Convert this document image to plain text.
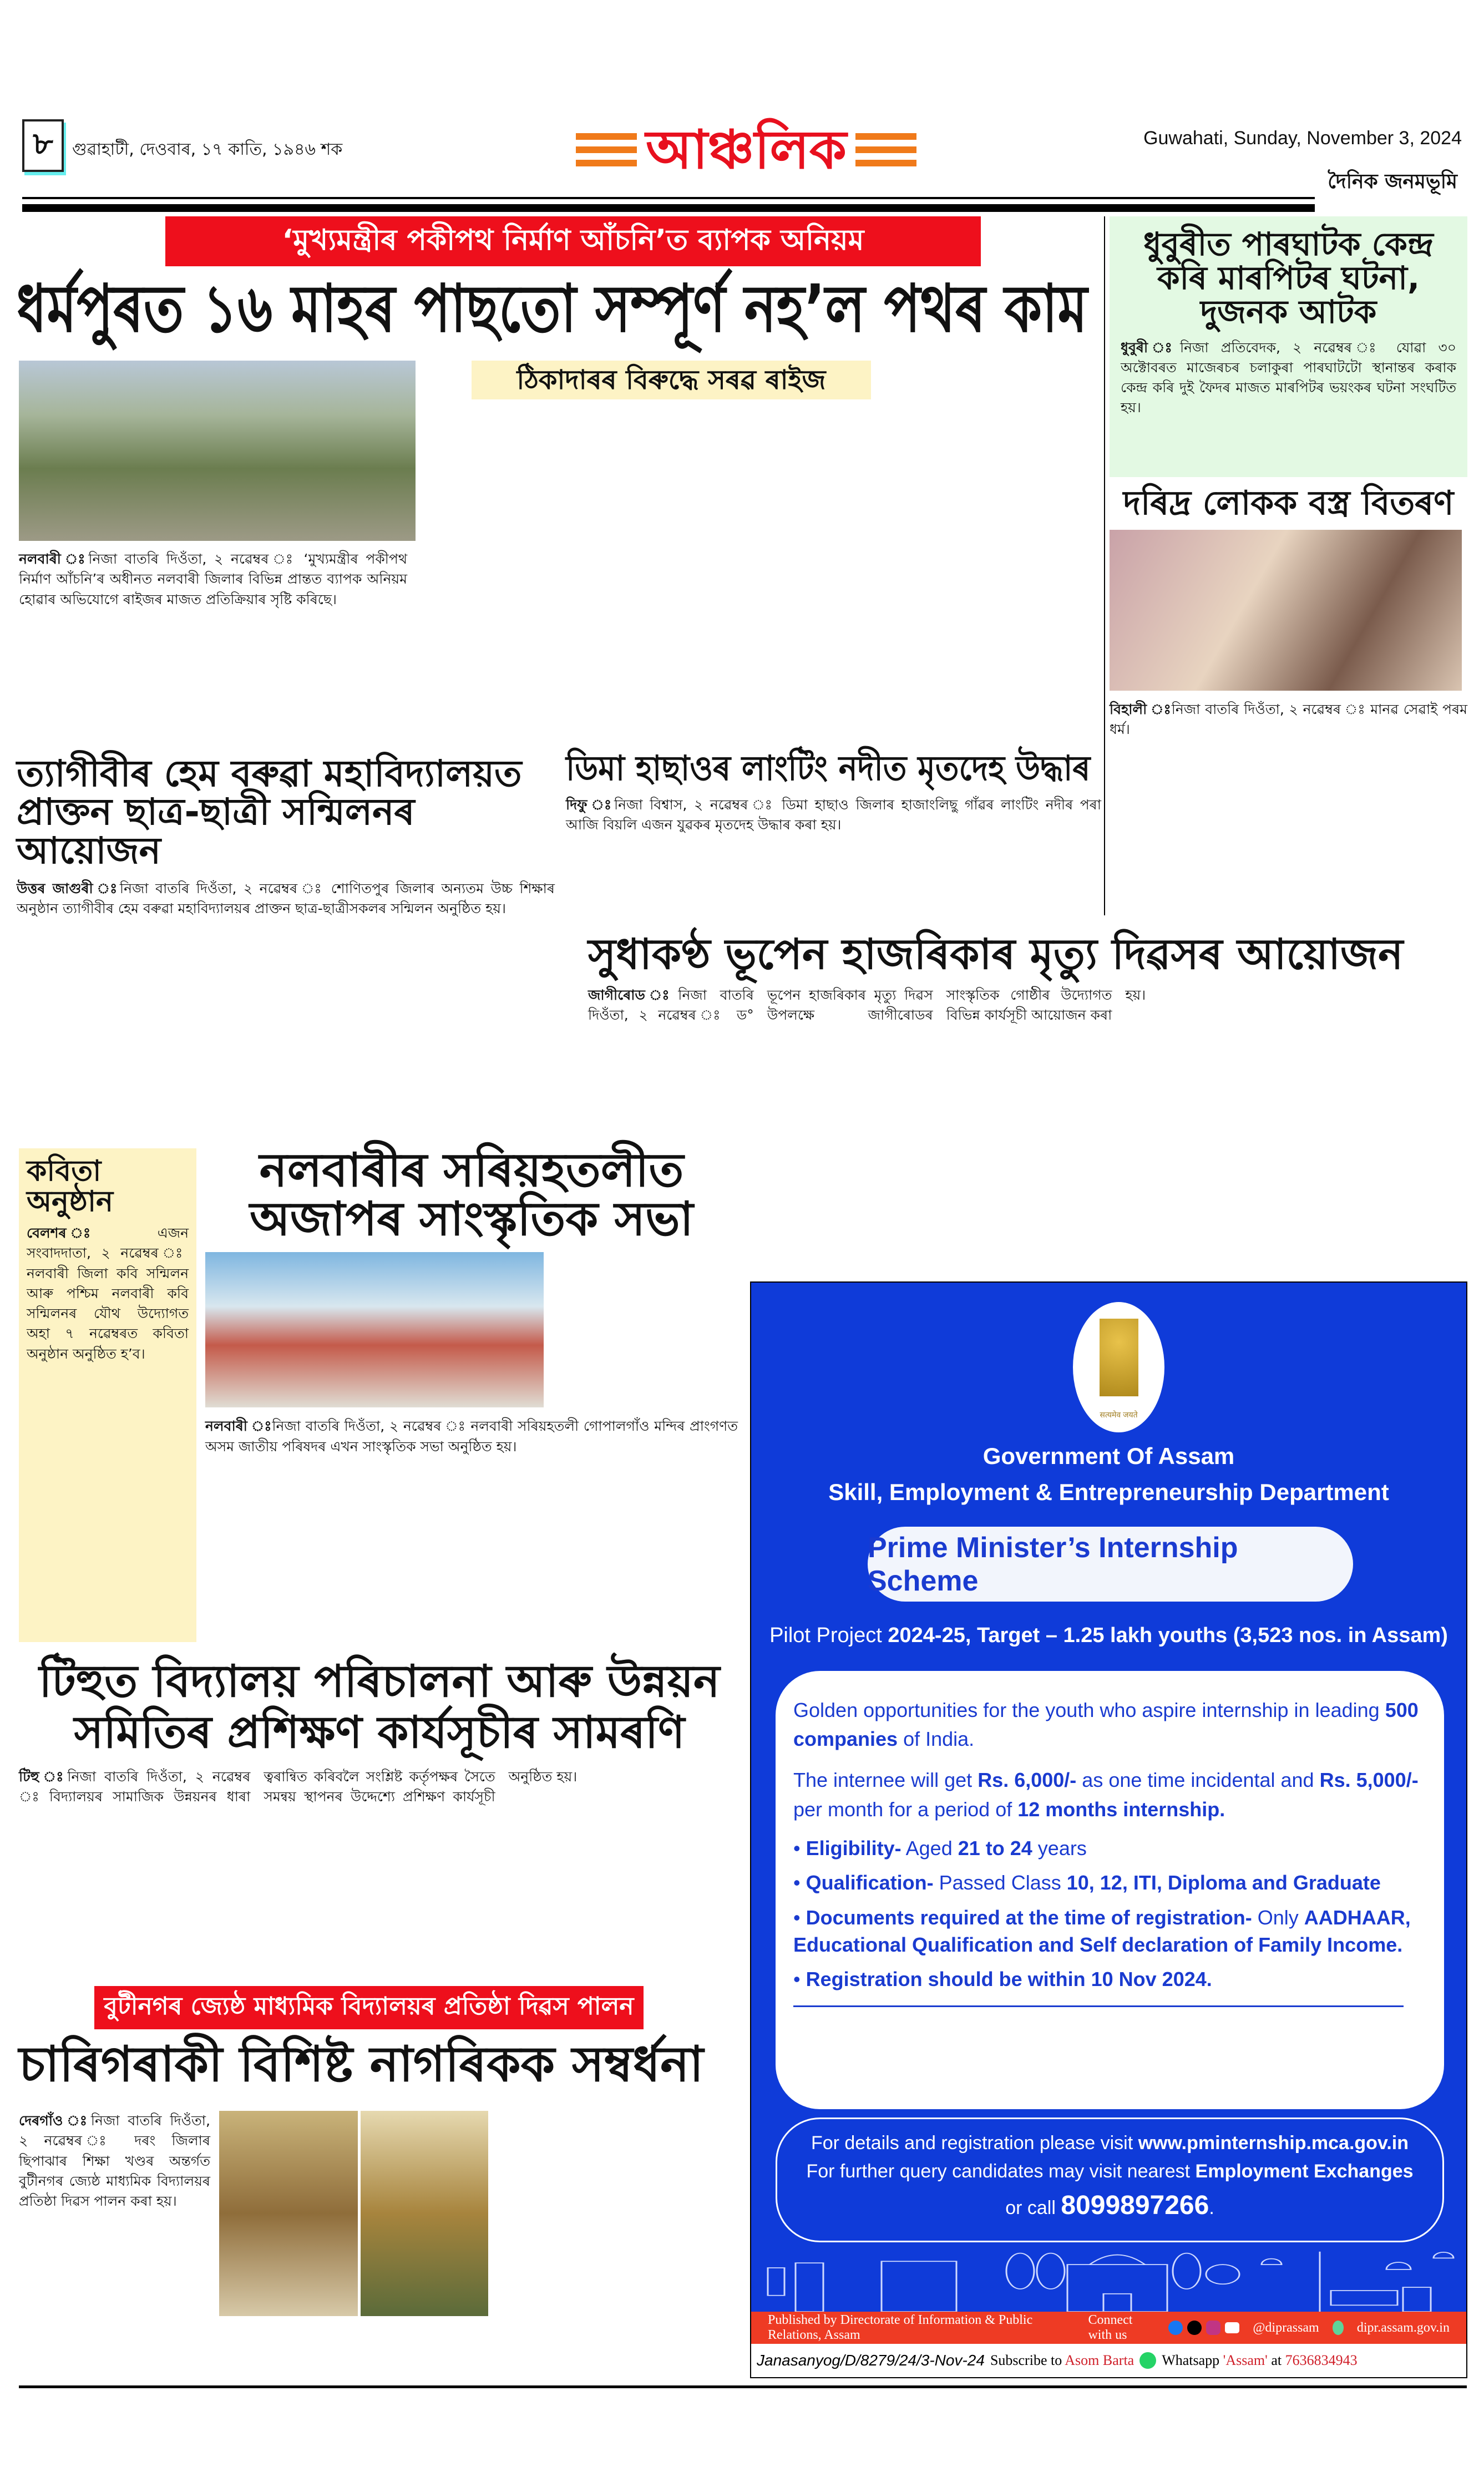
৮	গুৱাহাটী, দেওবাৰ, ১৭ কাতি, ১৯৪৬ শক	আঞ্চলিক	Guwahati, Sunday, November 3, 2024
দৈনিক জনমভূমি
‘মুখ্যমন্ত্ৰীৰ পকীপথ নিৰ্মাণ আঁচনি’ত ব্যাপক অনিয়ম
ধৰ্মপুৰত ১৬ মাহৰ পাছতো সম্পূৰ্ণ নহ’ল পথৰ কাম
ঠিকাদাৰৰ বিৰুদ্ধে সৰৱ ৰাইজ
নলবাৰী ঃনিজা বাতৰি দিওঁতা, ২ নৱেম্বৰ ঃ ‘মুখ্যমন্ত্ৰীৰ পকীপথ নিৰ্মাণ আঁচনি’ৰ অধীনত নলবাৰী জিলাৰ বিভিন্ন প্ৰান্তত ব্যাপক অনিয়ম হোৱাৰ অভিযোগে ৰাইজৰ মাজত প্ৰতিক্ৰিয়াৰ সৃষ্টি কৰিছে।
ধুবুৰীত পাৰঘাটক কেন্দ্ৰ কৰি মাৰপিটৰ ঘটনা, দুজনক আটক
ধুবুৰী ঃনিজা প্ৰতিবেদক, ২ নৱেম্বৰ ঃ যোৱা ৩০ অক্টোবৰত মাজেৰচৰ চলাকুৰা পাৰঘাটটো স্থানান্তৰ কৰাক কেন্দ্ৰ কৰি দুই ফৈদৰ মাজত মাৰপিটৰ ভয়ংকৰ ঘটনা সংঘটিত হয়।
দৰিদ্ৰ লোকক বস্ত্ৰ বিতৰণ
বিহালী ঃনিজা বাতৰি দিওঁতা, ২ নৱেম্বৰ ঃ মানৱ সেৱাই পৰম ধৰ্ম।
ত্যাগীবীৰ হেম বৰুৱা মহাবিদ্যালয়ত প্ৰাক্তন ছাত্ৰ-ছাত্ৰী সন্মিলনৰ আয়োজন
উত্তৰ জাগুৰী ঃনিজা বাতৰি দিওঁতা, ২ নৱেম্বৰ ঃ শোণিতপুৰ জিলাৰ অন্যতম উচ্চ শিক্ষাৰ অনুষ্ঠান ত্যাগীবীৰ হেম বৰুৱা মহাবিদ্যালয়ৰ প্ৰাক্তন ছাত্ৰ-ছাত্ৰীসকলৰ সন্মিলন অনুষ্ঠিত হয়।
ডিমা হাছাওৰ লাংটিং নদীত মৃতদেহ উদ্ধাৰ
দিফু ঃনিজা বিশ্বাস, ২ নৱেম্বৰ ঃ ডিমা হাছাও জিলাৰ হাজাংলিছু গাঁৱৰ লাংটিং নদীৰ পৰা আজি বিয়লি এজন যুৱকৰ মৃতদেহ উদ্ধাৰ কৰা হয়।
সুধাকণ্ঠ ভূপেন হাজৰিকাৰ মৃত্যু দিৱসৰ আয়োজন
জাগীৰোড ঃনিজা বাতৰি দিওঁতা, ২ নৱেম্বৰ ঃ ড° ভূপেন হাজৰিকাৰ মৃত্যু দিৱস উপলক্ষে জাগীৰোডৰ সাংস্কৃতিক গোষ্ঠীৰ উদ্যোগত বিভিন্ন কাৰ্যসূচী আয়োজন কৰা হয়।
কবিতা অনুষ্ঠান
বেলশৰ ঃএজন সংবাদদাতা, ২ নৱেম্বৰ ঃ নলবাৰী জিলা কবি সন্মিলন আৰু পশ্চিম নলবাৰী কবি সন্মিলনৰ যৌথ উদ্যোগত অহা ৭ নৱেম্বৰত কবিতা অনুষ্ঠান অনুষ্ঠিত হ’ব।
নলবাৰীৰ সৰিয়হতলীত অজাপৰ সাংস্কৃতিক সভা
নলবাৰী ঃনিজা বাতৰি দিওঁতা, ২ নৱেম্বৰ ঃ নলবাৰী সৰিয়হতলী গোপালগাঁও মন্দিৰ প্ৰাংগণত অসম জাতীয় পৰিষদৰ এখন সাংস্কৃতিক সভা অনুষ্ঠিত হয়।
सत्यमेव जयते
Government Of Assam
Skill, Employment & Entrepreneurship Department
Prime Minister’s Internship Scheme
Pilot Project 2024-25, Target – 1.25 lakh youths (3,523 nos. in Assam)

Golden opportunities for the youth who aspire internship in leading 500 companies of India.

The internee will get Rs. 6,000/- as one time incidental and Rs. 5,000/- per month for a period of 12 months internship.

• Eligibility- Aged 21 to 24 years
• Qualification- Passed Class 10, 12, ITI, Diploma and Graduate
• Documents required at the time of registration- Only AADHAAR, Educational Qualification and Self declaration of Family Income.
• Registration should be within 10 Nov 2024.
For details and registration please visit www.pminternship.mca.gov.in
For further query candidates may visit nearest Employment Exchanges
or call 8099897266.
Published by Directorate of Information & Public Relations, Assam
Connect with us
@diprassam	dipr.assam.gov.in
Janasanyog/D/8279/24/3-Nov-24 Subscribe to Asom Barta Whatsapp 'Assam' at 7636834943
টিহুত বিদ্যালয় পৰিচালনা আৰু উন্নয়ন সমিতিৰ প্ৰশিক্ষণ কাৰ্যসূচীৰ সামৰণি
টিহু ঃনিজা বাতৰি দিওঁতা, ২ নৱেম্বৰ ঃ বিদ্যালয়ৰ সামাজিক উন্নয়নৰ ধাৰা ত্বৰান্বিত কৰিবলৈ সংশ্লিষ্ট কৰ্তৃপক্ষৰ সৈতে সমন্বয় স্থাপনৰ উদ্দেশ্যে প্ৰশিক্ষণ কাৰ্যসূচী অনুষ্ঠিত হয়।
বুটীনগৰ জ্যেষ্ঠ মাধ্যমিক বিদ্যালয়ৰ প্ৰতিষ্ঠা দিৱস পালন
চাৰিগৰাকী বিশিষ্ট নাগৰিকক সম্বৰ্ধনা
দেৰগাঁও ঃনিজা বাতৰি দিওঁতা, ২ নৱেম্বৰ ঃ দৰং জিলাৰ ছিপাঝাৰ শিক্ষা খণ্ডৰ অন্তৰ্গত বুটীনগৰ জ্যেষ্ঠ মাধ্যমিক বিদ্যালয়ৰ প্ৰতিষ্ঠা দিৱস পালন কৰা হয়।
